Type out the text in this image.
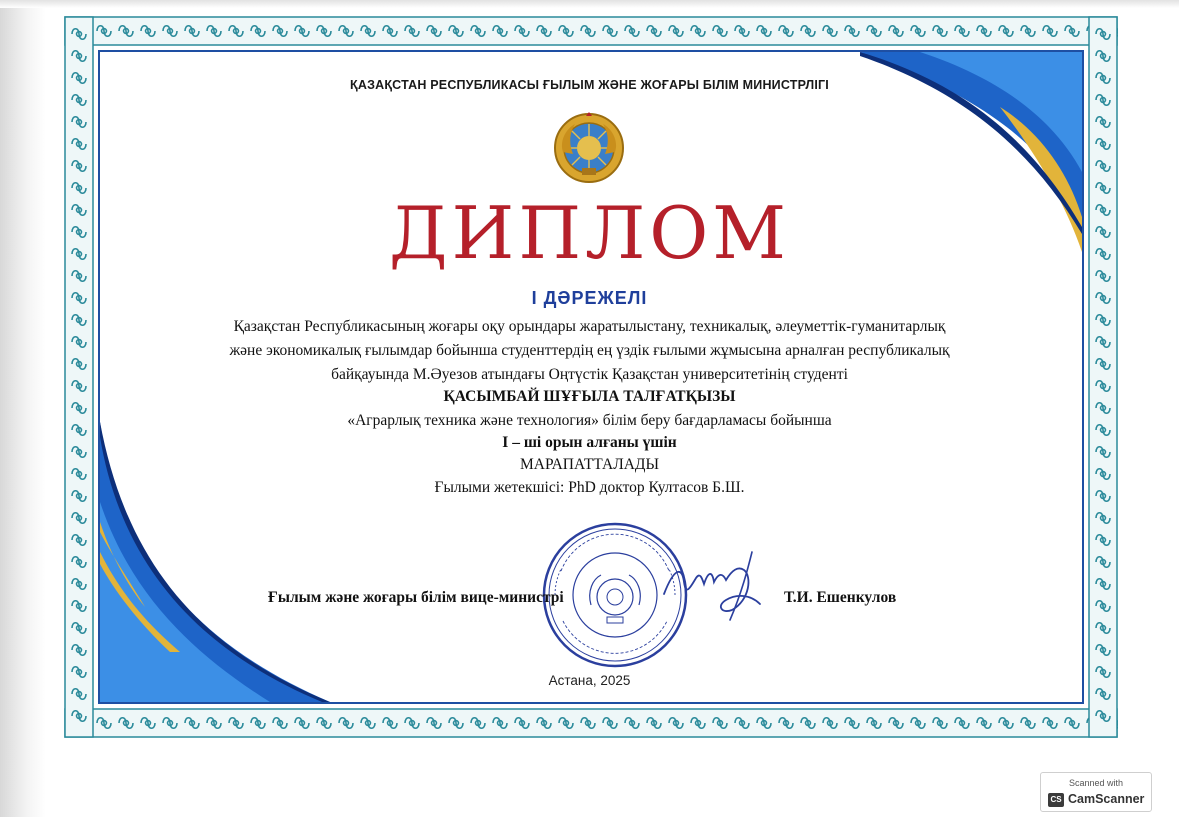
ҚАЗАҚСТАН РЕСПУБЛИКАСЫ ҒЫЛЫМ ЖӘНЕ ЖОҒАРЫ БІЛІМ МИНИСТРЛІГІ
ДИПЛОМ
І ДӘРЕЖЕЛІ
Қазақстан Республикасының жоғары оқу орындары жаратылыстану, техникалық, әлеуметтік-гуманитарлық
және экономикалық ғылымдар бойынша студенттердің ең үздік ғылыми жұмысына арналған республикалық
байқауында М.Әуезов атындағы Оңтүстік Қазақстан университетінің студенті
ҚАСЫМБАЙ ШҰҒЫЛА ТАЛҒАТҚЫЗЫ
«Аграрлық техника және технология» білім беру бағдарламасы бойынша
І – ші орын алғаны үшін
МАРАПАТТАЛАДЫ
Ғылыми жетекшісі: PhD доктор Култасов Б.Ш.
Ғылым және жоғары білім вице-министрі	Т.И. Ешенкулов
Астана, 2025
Scanned with
CS CamScanner
